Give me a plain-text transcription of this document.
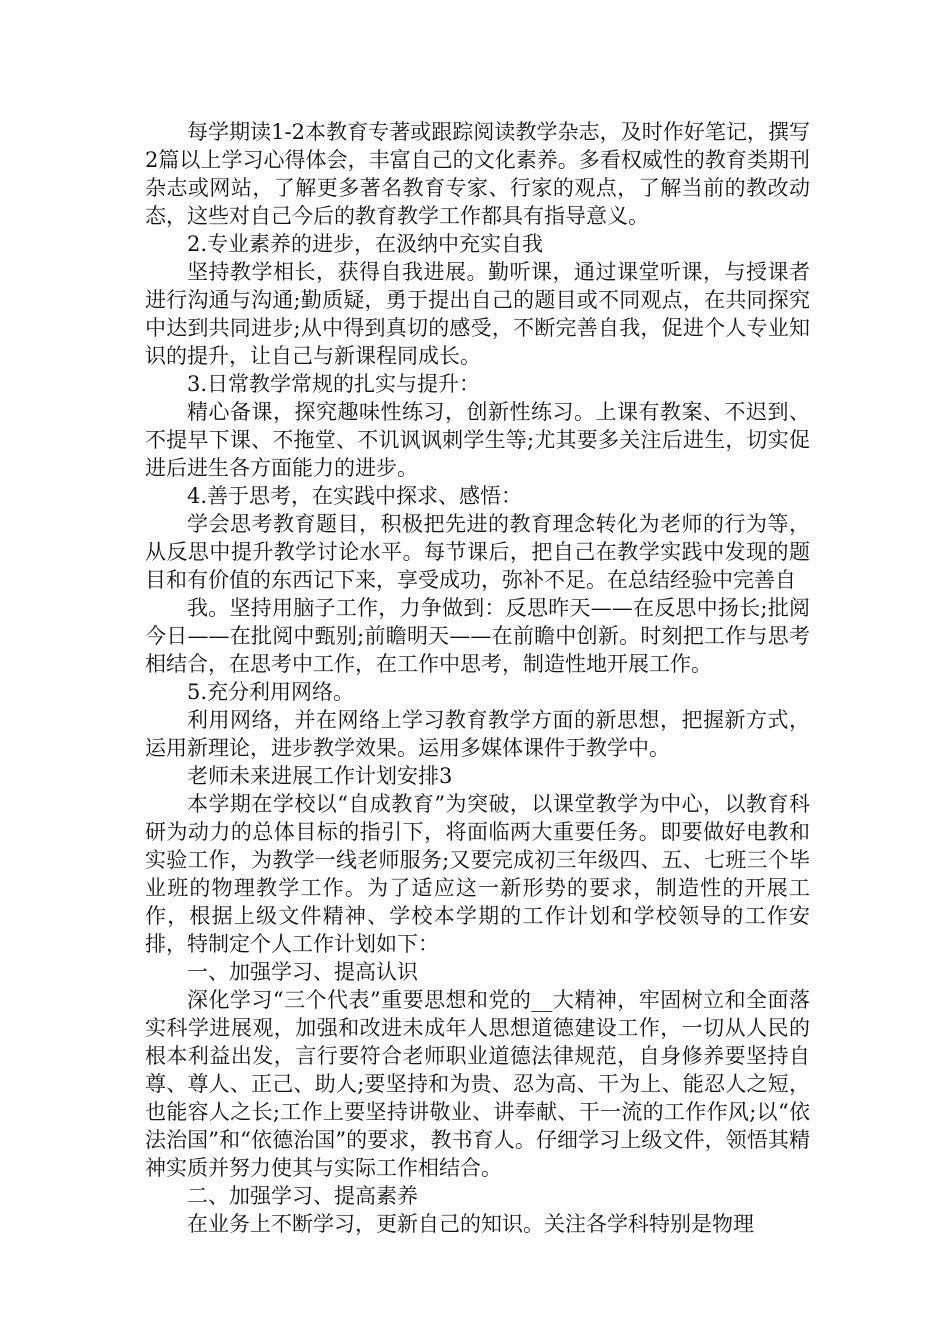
每学期读1-2本教育专著或跟踪阅读教学杂志，及时作好笔记，撰写2篇以上学习心得体会，丰富自己的文化素养。多看权威性的教育类期刊杂志或网站，了解更多著名教育专家、行家的观点，了解当前的教改动态，这些对自己今后的教育教学工作都具有指导意义。

2.专业素养的进步，在汲纳中充实自我

坚持教学相长，获得自我进展。勤听课，通过课堂听课，与授课者进行沟通与沟通;勤质疑，勇于提出自己的题目或不同观点，在共同探究中达到共同进步;从中得到真切的感受，不断完善自我，促进个人专业知识的提升，让自己与新课程同成长。

3.日常教学常规的扎实与提升：

精心备课，探究趣味性练习，创新性练习。上课有教案、不迟到、不提早下课、不拖堂、不讥讽讽刺学生等;尤其要多关注后进生，切实促进后进生各方面能力的进步。

4.善于思考，在实践中探求、感悟：

学会思考教育题目，积极把先进的教育理念转化为老师的行为等，从反思中提升教学讨论水平。每节课后，把自己在教学实践中发现的题目和有价值的东西记下来，享受成功，弥补不足。在总结经验中完善自

我。坚持用脑子工作，力争做到：反思昨天——在反思中扬长;批阅今日——在批阅中甄别;前瞻明天——在前瞻中创新。时刻把工作与思考相结合，在思考中工作，在工作中思考，制造性地开展工作。

5.充分利用网络。

利用网络，并在网络上学习教育教学方面的新思想，把握新方式，运用新理论，进步教学效果。运用多媒体课件于教学中。

老师未来进展工作计划安排3

本学期在学校以“自成教育”为突破，以课堂教学为中心，以教育科研为动力的总体目标的指引下，将面临两大重要任务。即要做好电教和实验工作，为教学一线老师服务;又要完成初三年级四、五、七班三个毕业班的物理教学工作。为了适应这一新形势的要求，制造性的开展工作，根据上级文件精神、学校本学期的工作计划和学校领导的工作安排，特制定个人工作计划如下：

一、加强学习、提高认识

深化学习“三个代表”重要思想和党的__大精神，牢固树立和全面落实科学进展观，加强和改进未成年人思想道德建设工作，一切从人民的根本利益出发，言行要符合老师职业道德法律规范，自身修养要坚持自尊、尊人、正己、助人;要坚持和为贵、忍为高、干为上、能忍人之短，也能容人之长;工作上要坚持讲敬业、讲奉献、干一流的工作作风;以“依法治国”和“依德治国”的要求，教书育人。仔细学习上级文件，领悟其精神实质并努力使其与实际工作相结合。

二、加强学习、提高素养

在业务上不断学习，更新自己的知识。关注各学科特别是物理
